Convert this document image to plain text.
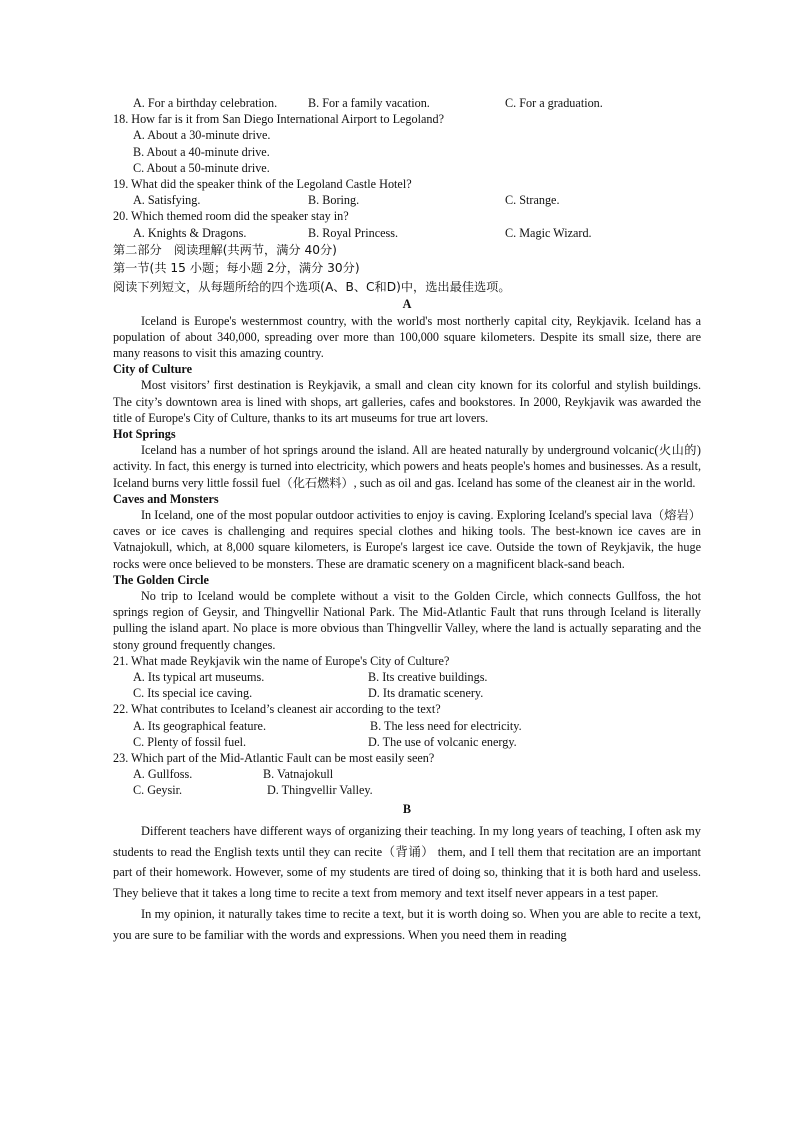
A. For a birthday celebration.	B. For a family vacation.	C. For a graduation.
18. How far is it from San Diego International Airport to Legoland?
A. About a 30-minute drive.
B. About a 40-minute drive.
C. About a 50-minute drive.
19. What did the speaker think of the Legoland Castle Hotel?
A. Satisfying.	B. Boring.	C. Strange.
20. Which themed room did the speaker stay in?
A. Knights & Dragons.	B. Royal Princess.	C. Magic Wizard.
第二部分　阅读理解(共两节，满分 40分)
第一节(共 15 小题；每小题 2分，满分 30分)
阅读下列短文，从每题所给的四个选项(A、B、C和D)中，选出最佳选项。
A
Iceland is Europe's westernmost country, with the world's most northerly capital city, Reykjavik. Iceland has a population of about 340,000, spreading over more than 100,000 square kilometers. Despite its small size, there are many reasons to visit this amazing country.
City of Culture
Most visitors’ first destination is Reykjavik, a small and clean city known for its colorful and stylish buildings. The city’s downtown area is lined with shops, art galleries, cafes and bookstores. In 2000, Reykjavik was awarded the title of Europe's City of Culture, thanks to its art museums for true art lovers.
Hot Springs
Iceland has a number of hot springs around the island. All are heated naturally by underground volcanic(火山的) activity. In fact, this energy is turned into electricity, which powers and heats people's homes and businesses. As a result, Iceland burns very little fossil fuel（化石燃料）, such as oil and gas. Iceland has some of the cleanest air in the world.
Caves and Monsters
In Iceland, one of the most popular outdoor activities to enjoy is caving. Exploring Iceland's special lava（熔岩） caves or ice caves is challenging and requires special clothes and hiking tools. The best-known ice caves are in Vatnajokull, which, at 8,000 square kilometers, is Europe's largest ice cave. Outside the town of Reykjavik, the huge rocks were once believed to be monsters. These are dramatic scenery on a magnificent black-sand beach.
The Golden Circle
No trip to Iceland would be complete without a visit to the Golden Circle, which connects Gullfoss, the hot springs region of Geysir, and Thingvellir National Park. The Mid-Atlantic Fault that runs through Iceland is literally pulling the island apart. No place is more obvious than Thingvellir Valley, where the land is actually separating and the stony ground frequently changes.
21. What made Reykjavik win the name of Europe's City of Culture?
A. Its typical art museums.	B. Its creative buildings.
C. Its special ice caving.	D. Its dramatic scenery.
22. What contributes to Iceland’s cleanest air according to the text?
A. Its geographical feature.	B. The less need for electricity.
C. Plenty of fossil fuel.	D. The use of volcanic energy.
23. Which part of the Mid-Atlantic Fault can be most easily seen?
A. Gullfoss.	B. Vatnajokull
C. Geysir.	D. Thingvellir Valley.
B
Different teachers have different ways of organizing their teaching. In my long years of teaching, I often ask my students to read the English texts until they can recite（背诵） them, and I tell them that recitation are an important part of their homework. However, some of my students are tired of doing so, thinking that it is both hard and useless. They believe that it takes a long time to recite a text from memory and text itself never appears in a test paper.
In my opinion, it naturally takes time to recite a text, but it is worth doing so. When you are able to recite a text, you are sure to be familiar with the words and expressions. When you need them in reading
